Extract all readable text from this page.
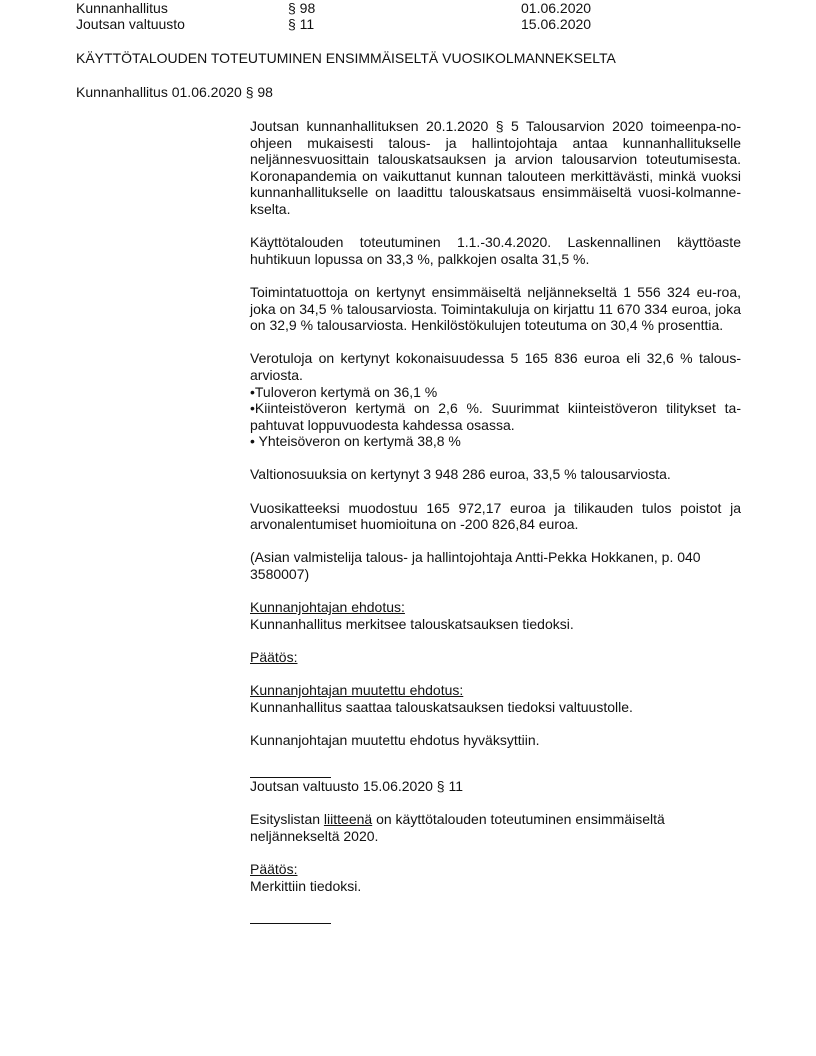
Kunnanhallitus	§ 98	01.06.2020
Joutsan valtuusto	§ 11	15.06.2020
KÄYTTÖTALOUDEN TOTEUTUMINEN ENSIMMÄISELTÄ VUOSIKOLMANNEKSELTA
Kunnanhallitus 01.06.2020 § 98

Joutsan kunnanhallituksen 20.1.2020 § 5 Talousarvion 2020 toimeenpa-no-ohjeen mukaisesti talous- ja hallintojohtaja antaa kunnanhallitukselle neljännesvuosittain talouskatsauksen ja arvion talousarvion toteutumisesta. Koronapandemia on vaikuttanut kunnan talouteen merkittävästi, minkä vuoksi kunnanhallitukselle on laadittu talouskatsaus ensimmäiseltä vuosi-kolmannekselta.

Käyttötalouden toteutuminen 1.1.-30.4.2020. Laskennallinen käyttöaste huhtikuun lopussa on 33,3 %, palkkojen osalta 31,5 %.

Toimintatuottoja on kertynyt ensimmäiseltä neljännekseltä 1 556 324 eu-roa, joka on 34,5 % talousarviosta. Toimintakuluja on kirjattu 11 670 334 euroa, joka on 32,9 % talousarviosta. Henkilöstökulujen toteutuma on 30,4 % prosenttia.

Verotuloja on kertynyt kokonaisuudessa 5 165 836 euroa eli 32,6 % talous-arviosta.

•Tuloveron kertymä on 36,1 %

•Kiinteistöveron kertymä on 2,6 %. Suurimmat kiinteistöveron tilitykset ta-pahtuvat loppuvuodesta kahdessa osassa.

• Yhteisöveron on kertymä 38,8 %

Valtionosuuksia on kertynyt 3 948 286 euroa, 33,5 % talousarviosta.

Vuosikatteeksi muodostuu 165 972,17 euroa ja tilikauden tulos poistot ja arvonalentumiset huomioituna on -200 826,84 euroa.

(Asian valmistelija talous- ja hallintojohtaja Antti-Pekka Hokkanen, p. 040 3580007)

Kunnanjohtajan ehdotus:

Kunnanhallitus merkitsee talouskatsauksen tiedoksi.

Päätös:

Kunnanjohtajan muutettu ehdotus:

Kunnanhallitus saattaa talouskatsauksen tiedoksi valtuustolle.

Kunnanjohtajan muutettu ehdotus hyväksyttiin.

Joutsan valtuusto 15.06.2020 § 11

Esityslistan liitteenä on käyttötalouden toteutuminen ensimmäiseltä neljännekseltä 2020.

Päätös:

Merkittiin tiedoksi.
